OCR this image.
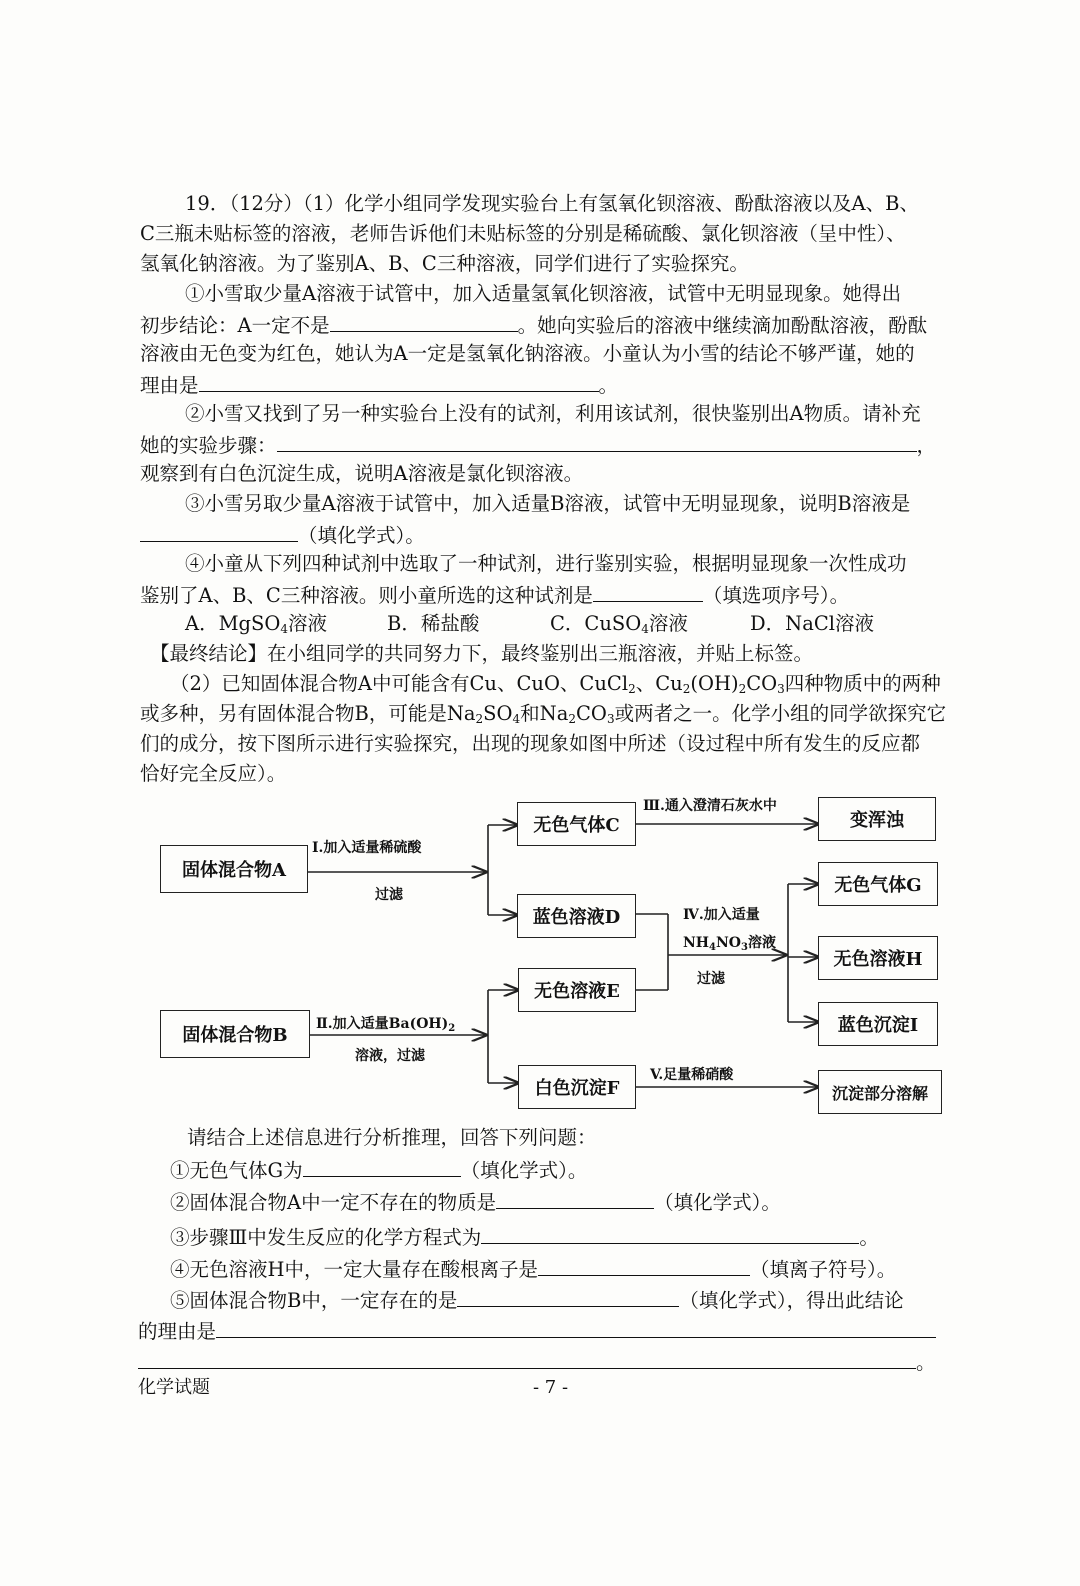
19．（12分）（1）化学小组同学发现实验台上有氢氧化钡溶液、酚酞溶液以及A、B、
C三瓶未贴标签的溶液，老师告诉他们未贴标签的分别是稀硫酸、氯化钡溶液（呈中性）、
氢氧化钠溶液。为了鉴别A、B、C三种溶液，同学们进行了实验探究。
①小雪取少量A溶液于试管中，加入适量氢氧化钡溶液，试管中无明显现象。她得出
初步结论：A一定不是	。她向实验后的溶液中继续滴加酚酞溶液，酚酞
溶液由无色变为红色，她认为A一定是氢氧化钠溶液。小童认为小雪的结论不够严谨，她的
理由是	。
②小雪又找到了另一种实验台上没有的试剂，利用该试剂，很快鉴别出A物质。请补充
她的实验步骤：	，
观察到有白色沉淀生成，说明A溶液是氯化钡溶液。
③小雪另取少量A溶液于试管中，加入适量B溶液，试管中无明显现象，说明B溶液是
（填化学式）。
④小童从下列四种试剂中选取了一种试剂，进行鉴别实验，根据明显现象一次性成功
鉴别了A、B、C三种溶液。则小童所选的这种试剂是	（填选项序号）。
A．MgSO$_4$溶液	B．稀盐酸	C．CuSO$_4$溶液	D．NaCl溶液
【最终结论】在小组同学的共同努力下，最终鉴别出三瓶溶液，并贴上标签。
（2）已知固体混合物A中可能含有Cu、CuO、CuCl$_2$、$Cu_2(OH)_2CO_3$四种物质中的两种
或多种，另有固体混合物B，可能是$Na_2SO_4$和$Na_2CO_3$或两者之一。化学小组的同学欲探究它
们的成分，按下图所示进行实验探究，出现的现象如图中所述（设过程中所有发生的反应都
恰好完全反应）。
固体混合物A
固体混合物B
无色气体C
蓝色溶液D
无色溶液E
白色沉淀F
变浑浊
无色气体G
无色溶液H
蓝色沉淀I
沉淀部分溶解
Ⅰ.加入适量稀硫酸
过滤
Ⅱ.加入适量$Ba(OH)_2$
溶液，过滤
Ⅲ.通入澄清石灰水中
Ⅳ.加入适量
$NH_4NO_3$溶液
过滤
V.足量稀硝酸
请结合上述信息进行分析推理，回答下列问题：
①无色气体G为	（填化学式）。
②固体混合物A中一定不存在的物质是	（填化学式）。
③步骤Ⅲ中发生反应的化学方程式为	。
④无色溶液H中，一定大量存在酸根离子是	（填离子符号）。
⑤固体混合物B中，一定存在的是	（填化学式），得出此结论
的理由是
。
化学试题	- 7 -
